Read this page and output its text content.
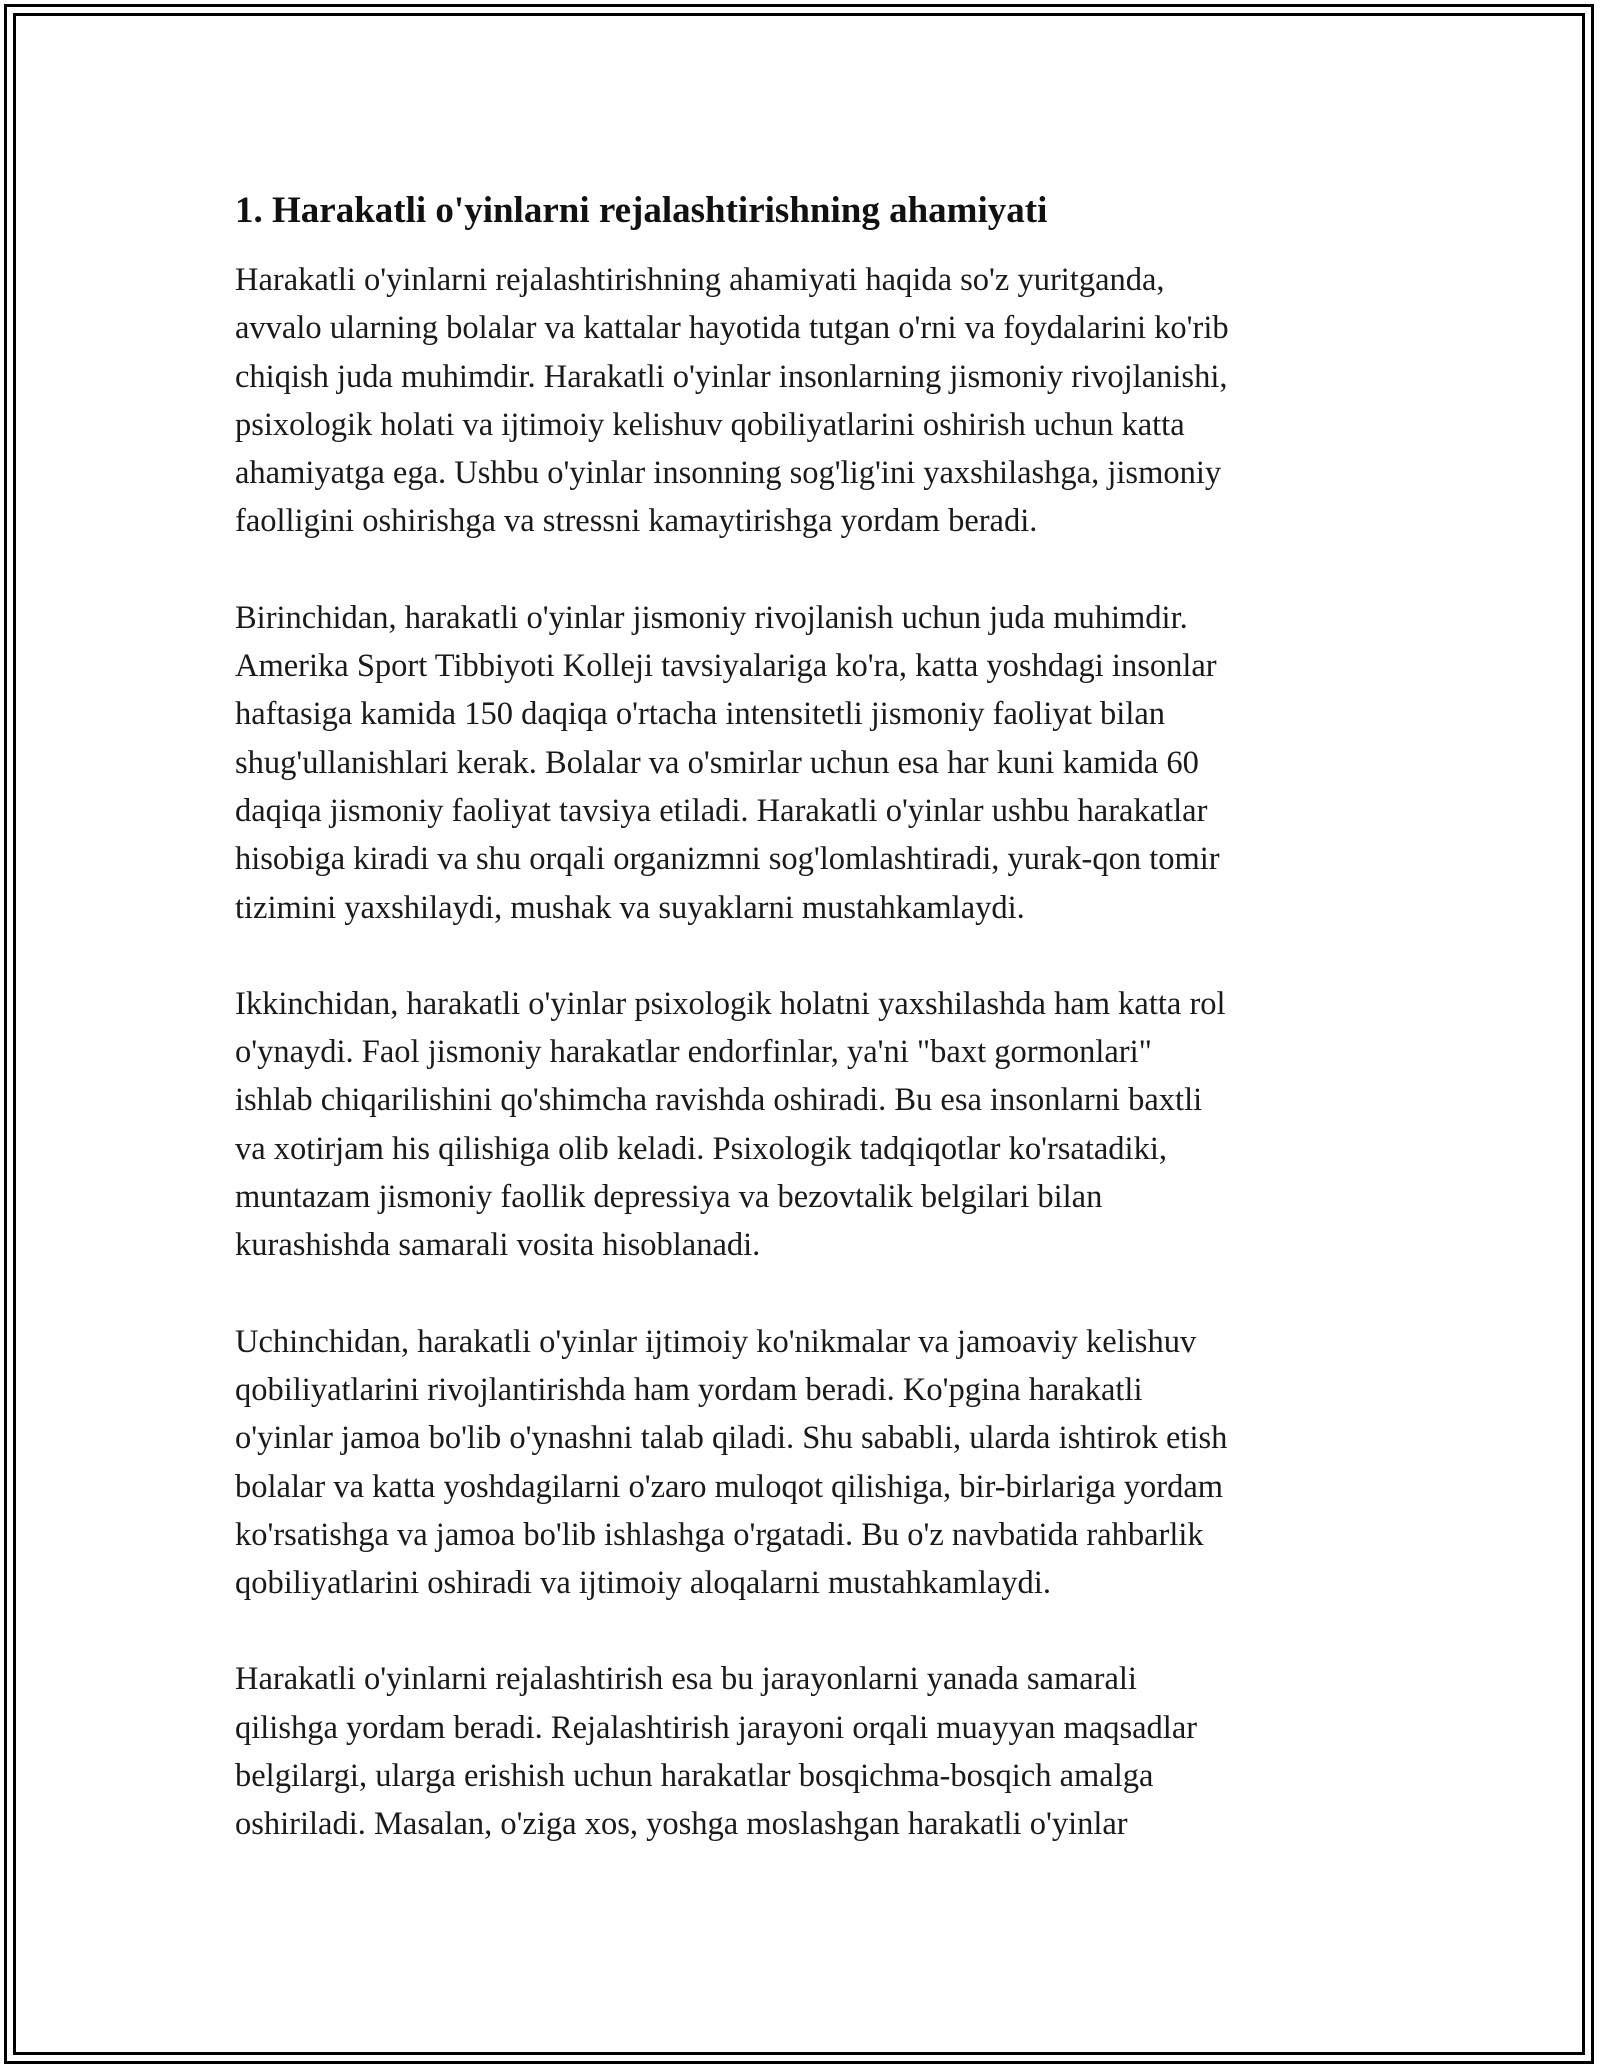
1. Harakatli o'yinlarni rejalashtirishning ahamiyati
Harakatli o'yinlarni rejalashtirishning ahamiyati haqida so'z yuritganda,
avvalo ularning bolalar va kattalar hayotida tutgan o'rni va foydalarini ko'rib
chiqish juda muhimdir. Harakatli o'yinlar insonlarning jismoniy rivojlanishi,
psixologik holati va ijtimoiy kelishuv qobiliyatlarini oshirish uchun katta
ahamiyatga ega. Ushbu o'yinlar insonning sog'lig'ini yaxshilashga, jismoniy
faolligini oshirishga va stressni kamaytirishga yordam beradi.
Birinchidan, harakatli o'yinlar jismoniy rivojlanish uchun juda muhimdir.
Amerika Sport Tibbiyoti Kolleji tavsiyalariga ko'ra, katta yoshdagi insonlar
haftasiga kamida 150 daqiqa o'rtacha intensitetli jismoniy faoliyat bilan
shug'ullanishlari kerak. Bolalar va o'smirlar uchun esa har kuni kamida 60
daqiqa jismoniy faoliyat tavsiya etiladi. Harakatli o'yinlar ushbu harakatlar
hisobiga kiradi va shu orqali organizmni sog'lomlashtiradi, yurak-qon tomir
tizimini yaxshilaydi, mushak va suyaklarni mustahkamlaydi.
Ikkinchidan, harakatli o'yinlar psixologik holatni yaxshilashda ham katta rol
o'ynaydi. Faol jismoniy harakatlar endorfinlar, ya'ni "baxt gormonlari"
ishlab chiqarilishini qo'shimcha ravishda oshiradi. Bu esa insonlarni baxtli
va xotirjam his qilishiga olib keladi. Psixologik tadqiqotlar ko'rsatadiki,
muntazam jismoniy faollik depressiya va bezovtalik belgilari bilan
kurashishda samarali vosita hisoblanadi.
Uchinchidan, harakatli o'yinlar ijtimoiy ko'nikmalar va jamoaviy kelishuv
qobiliyatlarini rivojlantirishda ham yordam beradi. Ko'pgina harakatli
o'yinlar jamoa bo'lib o'ynashni talab qiladi. Shu sababli, ularda ishtirok etish
bolalar va katta yoshdagilarni o'zaro muloqot qilishiga, bir-birlariga yordam
ko'rsatishga va jamoa bo'lib ishlashga o'rgatadi. Bu o'z navbatida rahbarlik
qobiliyatlarini oshiradi va ijtimoiy aloqalarni mustahkamlaydi.
Harakatli o'yinlarni rejalashtirish esa bu jarayonlarni yanada samarali
qilishga yordam beradi. Rejalashtirish jarayoni orqali muayyan maqsadlar
belgilargi, ularga erishish uchun harakatlar bosqichma-bosqich amalga
oshiriladi. Masalan, o'ziga xos, yoshga moslashgan harakatli o'yinlar
